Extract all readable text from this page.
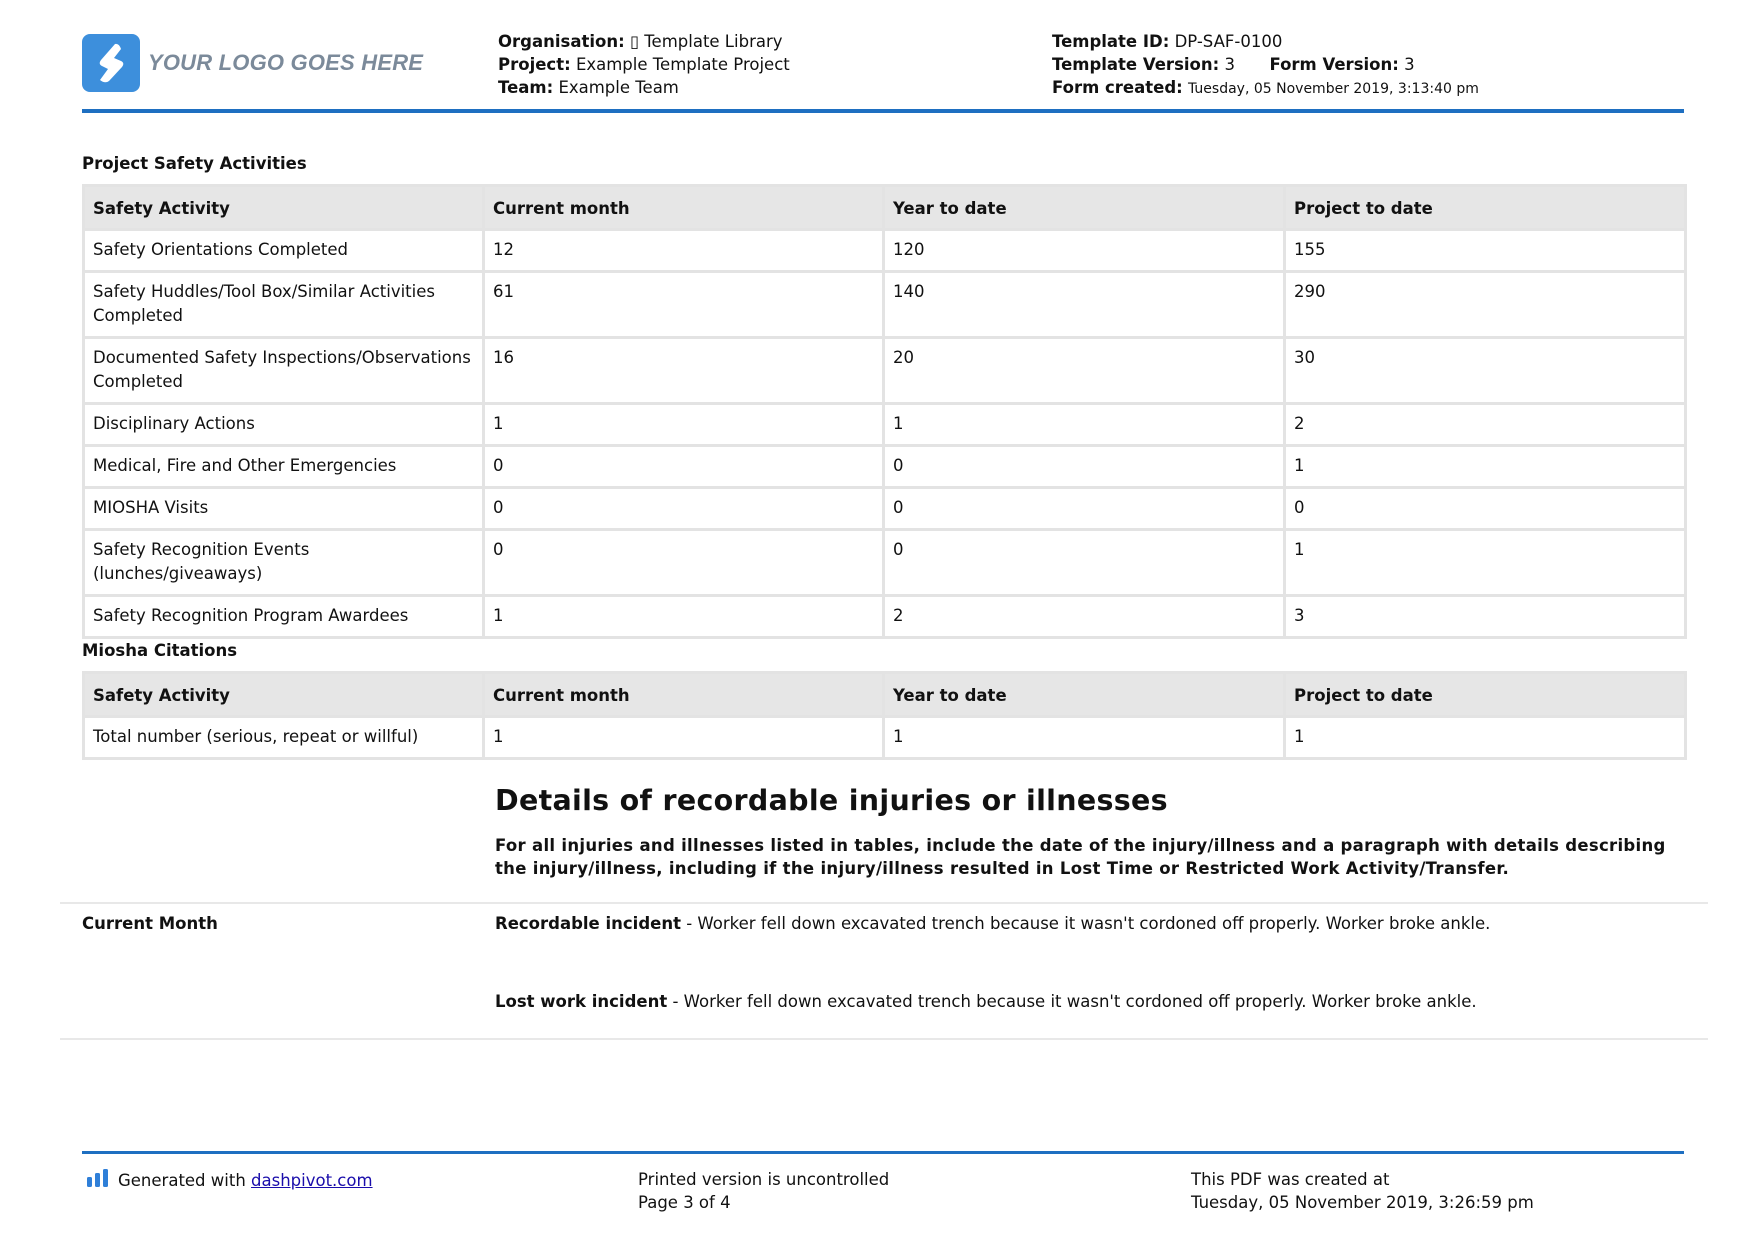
YOUR LOGO GOES HERE
Organisation: ▯ Template Library
Project: Example Template Project
Team: Example Team
Template ID: DP-SAF-0100
Template Version: 3 Form Version: 3
Form created: Tuesday, 05 November 2019, 3:13:40 pm
Project Safety Activities
Safety Activity	Current month	Year to date	Project to date
Safety Orientations Completed	12	120	155
Safety Huddles/Tool Box/Similar Activities Completed	61	140	290
Documented Safety Inspections/Observations Completed	16	20	30
Disciplinary Actions	1	1	2
Medical, Fire and Other Emergencies	0	0	1
MIOSHA Visits	0	0	0
Safety Recognition Events (lunches/giveaways)	0	0	1
Safety Recognition Program Awardees	1	2	3
Miosha Citations
Safety Activity	Current month	Year to date	Project to date
Total number (serious, repeat or willful)	1	1	1
Details of recordable injuries or illnesses
For all injuries and illnesses listed in tables, include the date of the injury/illness and a paragraph with details describing the injury/illness, including if the injury/illness resulted in Lost Time or Restricted Work Activity/Transfer.
Current Month	Recordable incident - Worker fell down excavated trench because it wasn't cordoned off properly. Worker broke ankle.
Lost work incident - Worker fell down excavated trench because it wasn't cordoned off properly. Worker broke ankle.
Generated with dashpivot.com	Printed version is uncontrolled
Page 3 of 4
This PDF was created at
Tuesday, 05 November 2019, 3:26:59 pm
